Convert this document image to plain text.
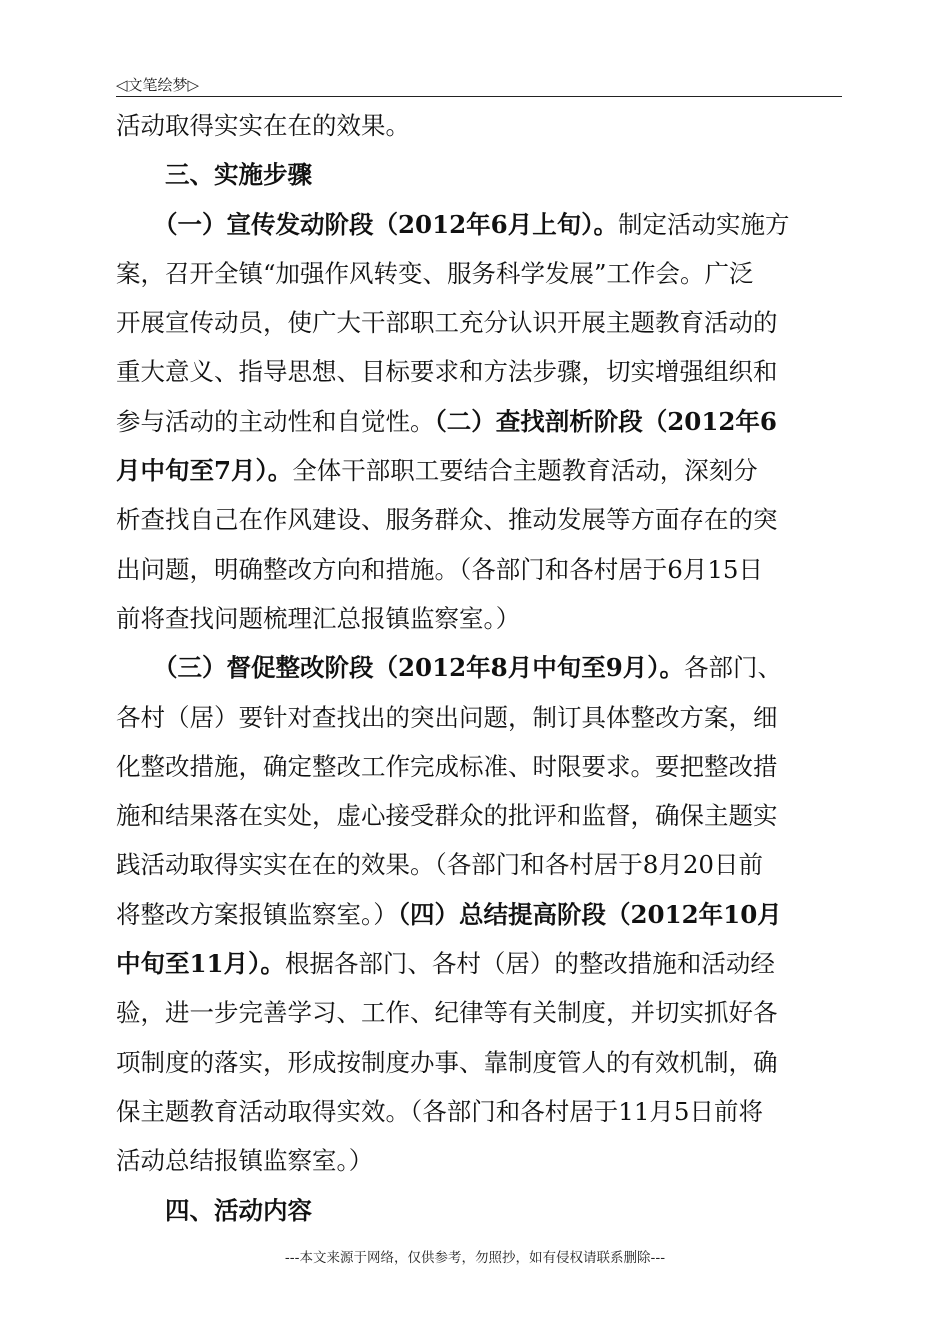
◁文笔绘梦▷
活动取得实实在在的效果。
三、实施步骤
（一）宣传发动阶段（2012年6月上旬）。制定活动实施方
案，召开全镇“加强作风转变、服务科学发展”工作会。广泛
开展宣传动员，使广大干部职工充分认识开展主题教育活动的
重大意义、指导思想、目标要求和方法步骤，切实增强组织和
参与活动的主动性和自觉性。（二）查找剖析阶段（2012年6
月中旬至7月）。全体干部职工要结合主题教育活动，深刻分
析查找自己在作风建设、服务群众、推动发展等方面存在的突
出问题，明确整改方向和措施。（各部门和各村居于6月15日
前将查找问题梳理汇总报镇监察室。）
（三）督促整改阶段（2012年8月中旬至9月）。各部门、
各村（居）要针对查找出的突出问题，制订具体整改方案，细
化整改措施，确定整改工作完成标准、时限要求。要把整改措
施和结果落在实处，虚心接受群众的批评和监督，确保主题实
践活动取得实实在在的效果。（各部门和各村居于8月20日前
将整改方案报镇监察室。）（四）总结提高阶段（2012年10月
中旬至11月）。根据各部门、各村（居）的整改措施和活动经
验，进一步完善学习、工作、纪律等有关制度，并切实抓好各
项制度的落实，形成按制度办事、靠制度管人的有效机制，确
保主题教育活动取得实效。（各部门和各村居于11月5日前将
活动总结报镇监察室。）
四、活动内容
---本文来源于网络，仅供参考，勿照抄，如有侵权请联系删除---
